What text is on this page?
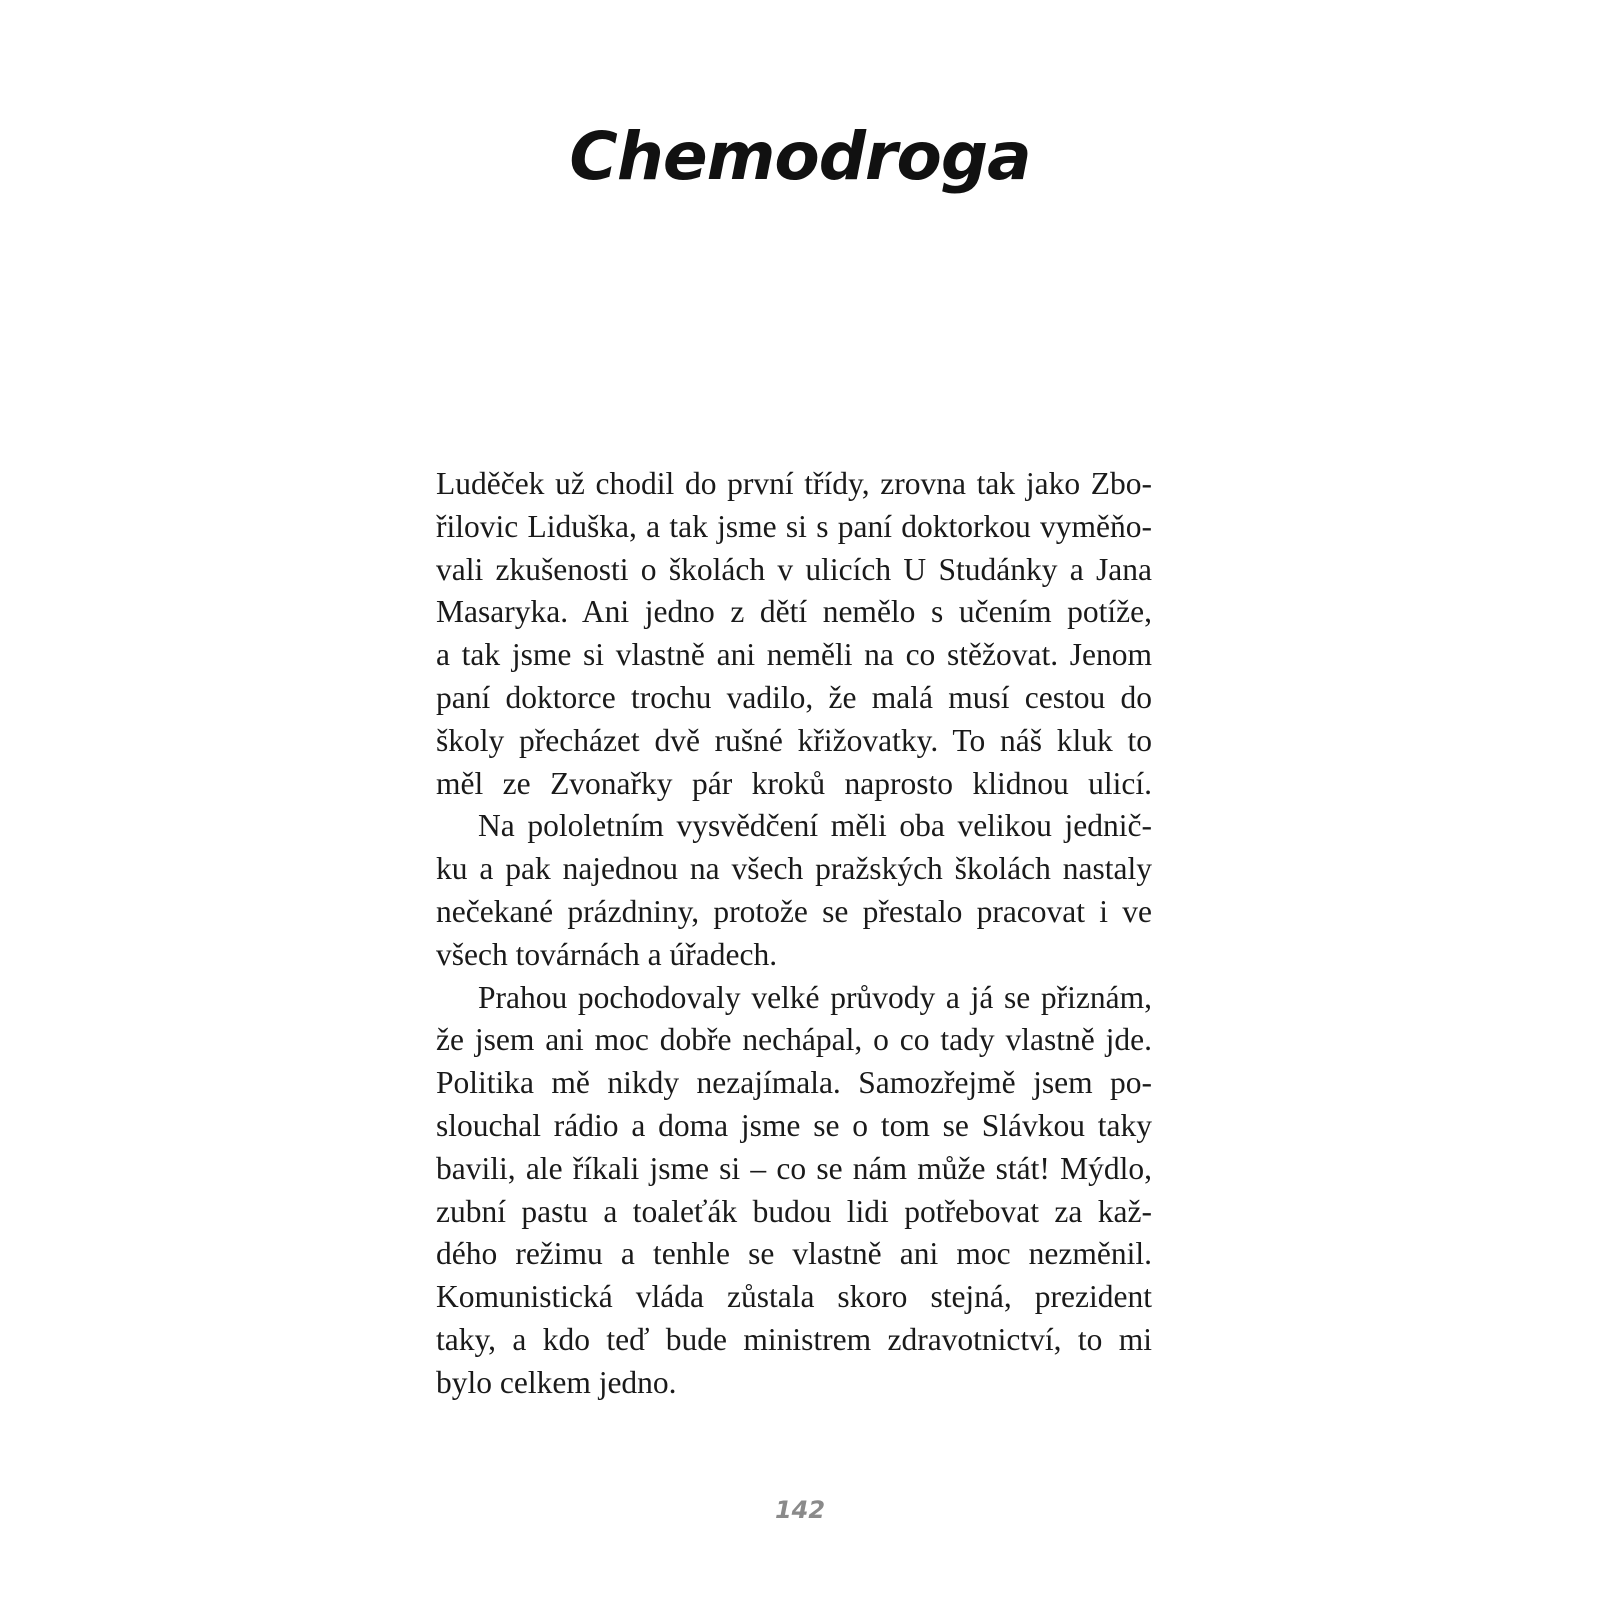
Chemodroga
Luděček už chodil do první třídy, zrovna tak jako Zbo-
řilovic Liduška, a tak jsme si s paní doktorkou vyměňo-
vali zkušenosti o školách v ulicích U Studánky a Jana
Masaryka. Ani jedno z dětí nemělo s učením potíže,
a tak jsme si vlastně ani neměli na co stěžovat. Jenom
paní doktorce trochu vadilo, že malá musí cestou do
školy přecházet dvě rušné křižovatky. To náš kluk to
měl ze Zvonařky pár kroků naprosto klidnou ulicí.
Na pololetním vysvědčení měli oba velikou jednič-
ku a pak najednou na všech pražských školách nastaly
nečekané prázdniny, protože se přestalo pracovat i ve
všech továrnách a úřadech.
Prahou pochodovaly velké průvody a já se přiznám,
že jsem ani moc dobře nechápal, o co tady vlastně jde.
Politika mě nikdy nezajímala. Samozřejmě jsem po-
slouchal rádio a doma jsme se o tom se Slávkou taky
bavili, ale říkali jsme si – co se nám může stát! Mýdlo,
zubní pastu a toaleťák budou lidi potřebovat za kaž-
dého režimu a tenhle se vlastně ani moc nezměnil.
Komunistická vláda zůstala skoro stejná, prezident
taky, a kdo teď bude ministrem zdravotnictví, to mi
bylo celkem jedno.
142
